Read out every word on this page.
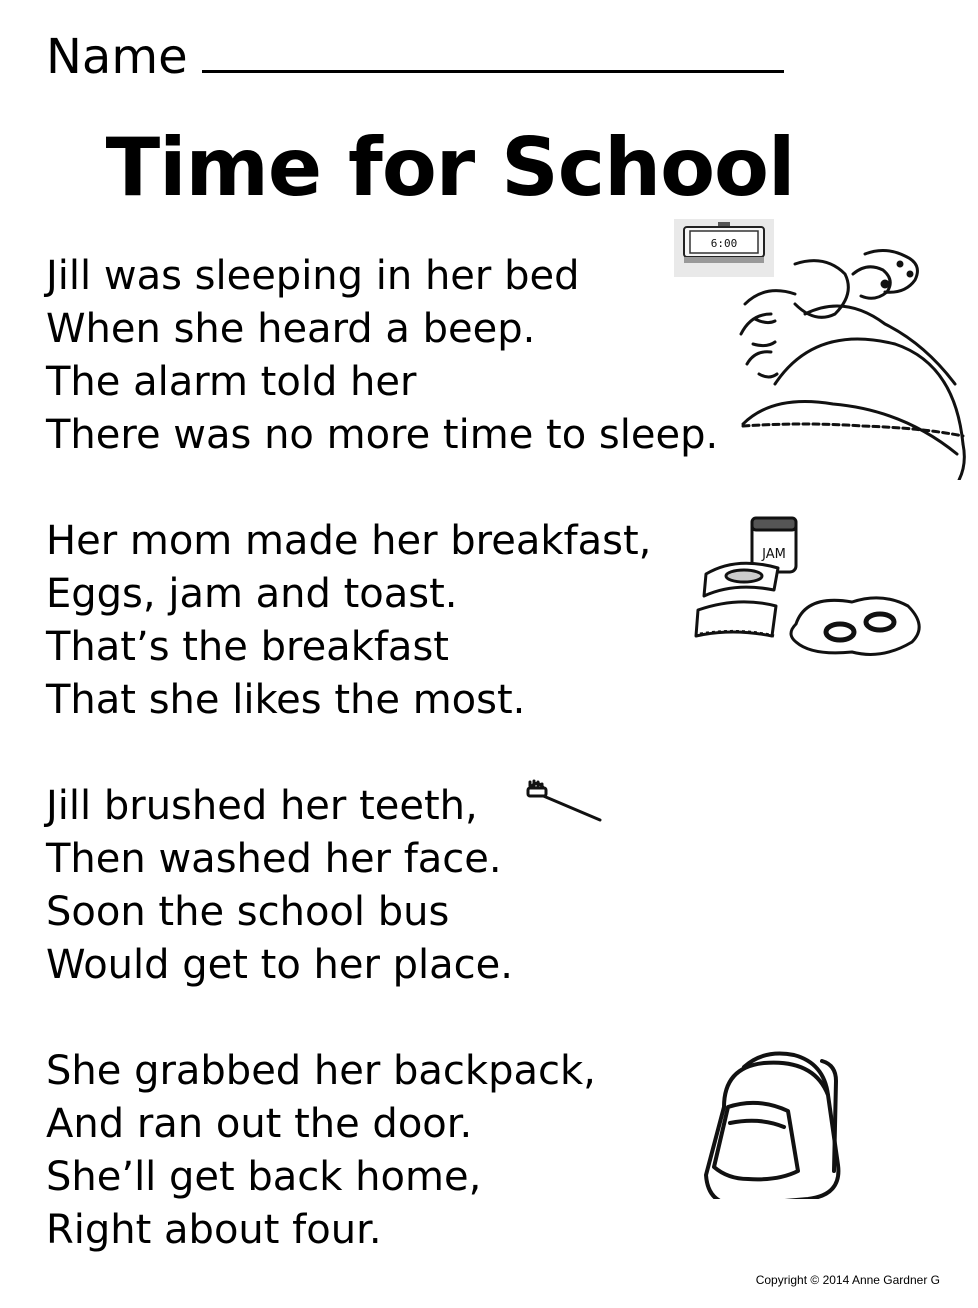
Name
Time for School
Jill was sleeping in her bed
When she heard a beep.
The alarm told her
There was no more time to sleep.
Her mom made her breakfast,
Eggs, jam and toast.
That’s the breakfast
That she likes the most.
Jill brushed her teeth,
Then washed her face.
Soon the school bus
Would get to her place.
She grabbed her backpack,
And ran out the door.
She’ll get back home,
Right about four.
6:00
JAM
Copyright © 2014 Anne Gardner G
